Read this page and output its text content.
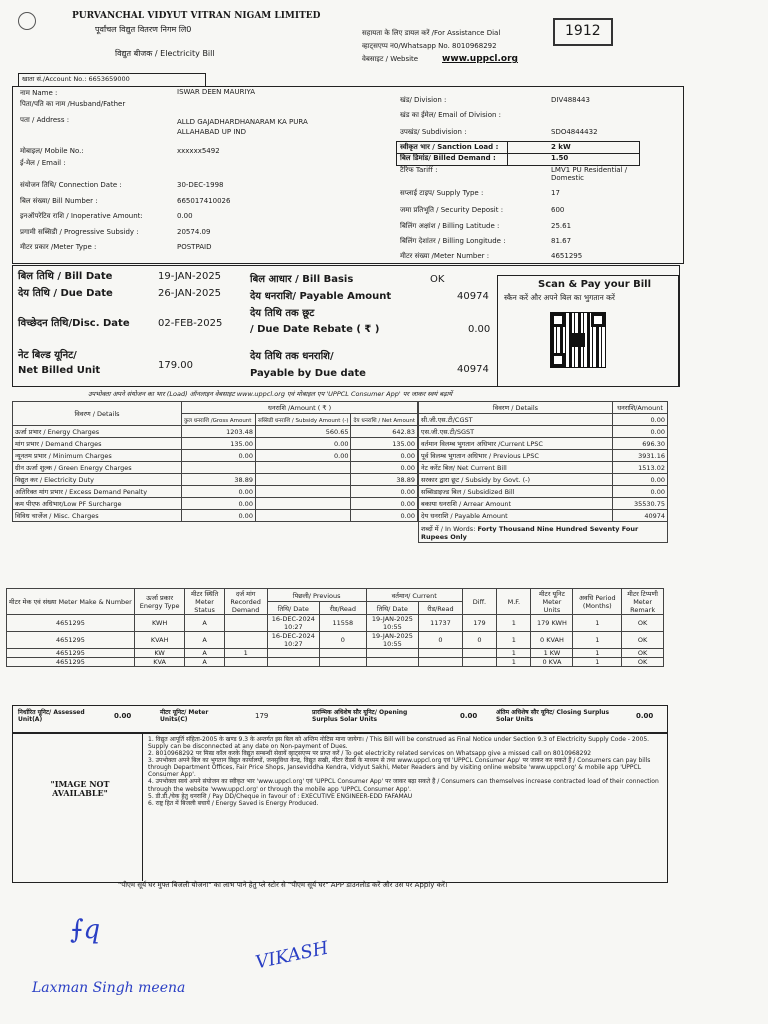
PURVANCHAL VIDYUT VITRAN NIGAM LIMITED
पूर्वांचल विद्युत वितरण निगम लि0
विद्युत बीजक / Electricity Bill
सहायता के लिए डायल करें /For Assistance Dial	1912
व्हाट्सएप्प न0/Whatsapp No. 8010968292
वेबसाइट / Website	www.uppcl.org
खाता सं./Account No.: 6653659000
नाम Name :	ISWAR DEEN MAURIYA
पिता/पति का नाम /Husband/Father
पता / Address :	ALLD GAJADHARDHANARAM KA PURA
ALLAHABAD UP IND
मोबाइल/ Mobile No.:	xxxxxx5492
ई-मेल / Email :
संयोजन तिथि/ Connection Date :	30-DEC-1998
बिल संख्या/ Bill Number :	665017410026
इनऑपरेटिव राशि / Inoperative Amount:	0.00
प्रगामी सब्सिडी / Progressive Subsidy :	20574.09
मीटर प्रकार /Meter Type :	POSTPAID
खंड/ Division :	DIV488443
खंड का ईमेल/ Email of Division :
उपखंड/ Subdivision :	SDO4844432
स्वीकृत भार / Sanction Load :	2 kW
बिल डिमांड/ Billed Demand :	1.50
टैरिफ Tariff :	LMV1 PU Residential / Domestic
सप्लाई टाइप/ Supply Type :	17
जमा प्रतिभूति / Security Deposit :	600
बिलिंग अक्षांश / Billing Latitude :	25.61
बिलिंग देशांतर / Billing Longitude :	81.67
मीटर संख्या /Meter Number :	4651295
बिल तिथि / Bill Date	19-JAN-2025
देय तिथि / Due Date	26-JAN-2025
विच्छेदन तिथि/Disc. Date	02-FEB-2025
नेट बिल्ड यूनिट/
Net Billed Unit	179.00
बिल आधार / Bill Basis	OK
देय धनराशि/ Payable Amount	40974
देय तिथि तक छूट
/ Due Date Rebate ( ₹ )	0.00
देय तिथि तक धनराशि/
Payable by Due date	40974
Scan & Pay your Bill
स्कैन करें और अपने बिल का भुगतान करें
उपभोक्ता अपने संयोजन का भार (Load) ऑनलाइन वेबसाइट www.uppcl.org एवं मोबाइल एप 'UPPCL Consumer App' पर जाकर स्वयं बढ़ायें
विवरण / Details	धनराशि /Amount ( ₹ )		
	कुल धनराशि /Gross Amount	सब्सिडी धनराशि / Subsidy Amount (-)	देय धनराशि / Net Amount
ऊर्जा प्रभार / Energy Charges	1203.48	560.65	642.83
मांग प्रभार / Demand Charges	135.00	0.00	135.00
न्यूनतम प्रभार / Minimum Charges	0.00	0.00	0.00
ग्रीन ऊर्जा शुल्क / Green Energy Charges			0.00
विद्युत कर / Electricity Duty	38.89		38.89
अतिरिक्त मांग प्रभार / Excess Demand Penalty	0.00		0.00
कम पीएफ अधिभार/Low PF Surcharge	0.00		0.00
विविध चार्जेज / Misc. Charges	0.00		0.00
विवरण / Details	धनराशि/Amount
सी.जी.एस.टी/CGST	0.00
एस.जी.एस.टी/SGST	0.00
वर्तमान विलम्ब भुगतान अधिभार /Current LPSC	696.30
पूर्व विलम्ब भुगतान अधिभार / Previous LPSC	3931.16
नेट करेंट बिल/ Net Current Bill	1513.02
सरकार द्वारा छूट / Subsidy by Govt. (-)	0.00
सब्सिडाइज्ड बिल / Subsidized Bill	0.00
बकाया धनराशि / Arrear Amount	35530.75
देय धनराशि / Payable Amount	40974
शब्दों में / In Words: Forty Thousand Nine Hundred Seventy Four Rupees Only	
मीटर मेक एवं संख्या Meter Make & Number	ऊर्जा प्रकार Energy Type	मीटर स्थिति Meter Status	दर्ज मांग Recorded Demand	पिछली/ Previous		वर्तमान/ Current		Diff.	M.F.	मीटर यूनिट Meter Units	अवधि Period (Months)	मीटर टिप्पणी Meter Remark
				तिथि/ Date	रीड/Read	तिथि/ Date	रीड/Read					
4651295	KWH	A		16-DEC-2024 10:27	11558	19-JAN-2025 10:55	11737	179	1	179 KWH	1	OK
4651295	KVAH	A		16-DEC-2024 10:27	0	19-JAN-2025 10:55	0	0	1	0 KVAH	1	OK
4651295	KW	A	1						1	1 KW	1	OK
4651295	KVA	A							1	0 KVA	1	OK
निर्धारित यूनिट/ Assessed Unit(A)	0.00	मीटर यूनिट/ Meter Units(C)	179	प्रारम्भिक अधिशेष सौर यूनिट/ Opening Surplus Solar Units	0.00	अंतिम अधिशेष सौर यूनिट/ Closing Surplus Solar Units	0.00
"IMAGE NOT AVAILABLE"
1. विद्युत आपूर्ति संहिता-2005 के खण्ड 9.3 के अन्तर्गत इस बिल को अन्तिम नोटिस माना जायेगा। / This Bill will be construed as Final Notice under Section 9.3 of Electricity Supply Code - 2005. Supply can be disconnected at any date on Non-payment of Dues.
2. 8010968292 पर मिस्ड कॉल करके विद्युत सम्बन्धी सेवायें व्हाट्सएप्प पर प्राप्त करें / To get electricity related services on Whatsapp give a missed call on 8010968292
3. उपभोक्ता अपने बिल का भुगतान विद्युत कार्यालयों, जनसुविधा केन्द्र, विद्युत सखी, मीटर रीडर्स के माध्यम से तथा www.uppcl.org एवं 'UPPCL Consumer App' पर जाकर कर सकते हैं / Consumers can pay bills through Department Offices, Fair Price Shops, Janseviddha Kendra, Vidyut Sakhi, Meter Readers and by visiting online website 'www.uppcl.org' & mobile app 'UPPCL Consumer App'.
4. उपभोक्ता स्वयं अपने संयोजन का स्वीकृत भार 'www.uppcl.org' एवं 'UPPCL Consumer App' पर जाकर बढ़ा सकते हैं / Consumers can themselves increase contracted load of their connection through the website 'www.uppcl.org' or through the mobile app 'UPPCL Consumer App'.
5. डी.डी./चेक हेतु धनराशि / Pay DD/Cheque in favour of : EXECUTIVE ENGINEER-EDD FAFAMAU
6. राष्ट्र हित में बिजली बचायें / Energy Saved is Energy Produced.
"पीएम सूर्य घर मुफ्त बिजली योजना" का लाभ पाने हेतु प्ले स्टोर से "पीएम सूर्य घर" APP डाउनलोड करें और उस पर Apply करें।
⨍q
Laxman Singh meena
VIKASH
